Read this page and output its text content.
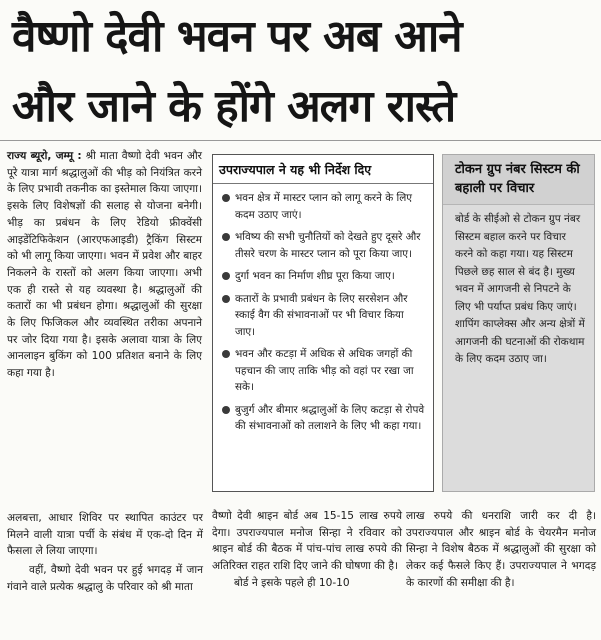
वैष्णो देवी भवन पर अब आने
और जाने के होंगे अलग रास्ते

राज्य ब्यूरो, जम्मू : श्री माता वैष्णो देवी भवन और पूरे यात्रा मार्ग श्रद्धालुओं की भीड़ को नियंत्रित करने के लिए प्रभावी तकनीक का इस्तेमाल किया जाएगा। इसके लिए विशेषज्ञों की सलाह से योजना बनेगी। भीड़ का प्रबंधन के लिए रेडियो फ्रीक्वेंसी आइडेंटिफिकेशन (आरएफआइडी) ट्रैकिंग सिस्टम को भी लागू किया जाएगा। भवन में प्रवेश और बाहर निकलने के रास्तों को अलग किया जाएगा। अभी एक ही रास्ते से यह व्यवस्था है। श्रद्धालुओं की कतारों का भी प्रबंधन होगा। श्रद्धालुओं की सुरक्षा के लिए फिजिकल और व्यवस्थित तरीका अपनाने पर जोर दिया गया है। इसके अलावा यात्रा के लिए आनलाइन बुकिंग को 100 प्रतिशत बनाने के लिए कहा गया है।

अलबत्ता, आधार शिविर पर स्थापित काउंटर पर मिलने वाली यात्रा पर्ची के संबंध में एक-दो दिन में फैसला ले लिया जाएगा।

वहीं, वैष्णो देवी भवन पर हुई भगदड़ में जान गंवाने वाले प्रत्येक श्रद्धालु के परिवार को श्री माता

उपराज्यपाल ने यह भी निर्देश दिए
भवन क्षेत्र में मास्टर प्लान को लागू करने के लिए कदम उठाए जाएं।
भविष्य की सभी चुनौतियों को देखते हुए दूसरे और तीसरे चरण के मास्टर प्लान को पूरा किया जाए।
दुर्गा भवन का निर्माण शीघ्र पूरा किया जाए।
कतारों के प्रभावी प्रबंधन के लिए सरसेशन और स्काई वैग की संभावनाओं पर भी विचार किया जाए।
भवन और कटड़ा में अधिक से अधिक जगहों की पहचान की जाए ताकि भीड़ को वहां पर रखा जा सके।
बुजुर्ग और बीमार श्रद्धालुओं के लिए कटड़ा से रोपवे की संभावनाओं को तलाशने के लिए भी कहा गया।
टोकन ग्रुप नंबर सिस्टम की बहाली पर विचार
बोर्ड के सीईओ से टोकन ग्रुप नंबर सिस्टम बहाल करने पर विचार करने को कहा गया। यह सिस्टम पिछले छह साल से बंद है। मुख्य भवन में आगजनी से निपटने के लिए भी पर्याप्त प्रबंध किए जाएं। शापिंग काप्लेक्स और अन्य क्षेत्रों में आगजनी की घटनाओं की रोकथाम के लिए कदम उठाए जा।

वैष्णो देवी श्राइन बोर्ड अब 15-15 लाख रुपये देगा। उपराज्यपाल मनोज सिन्हा ने रविवार को श्राइन बोर्ड की बैठक में पांच-पांच लाख रुपये की अतिरिक्त राहत राशि दिए जाने की घोषणा की है।

बोर्ड ने इसके पहले ही 10-10

लाख रुपये की धनराशि जारी कर दी है। उपराज्यपाल और श्राइन बोर्ड के चेयरमैन मनोज सिन्हा ने विशेष बैठक में श्रद्धालुओं की सुरक्षा को लेकर कई फैसले किए हैं। उपराज्यपाल ने भगदड़ के कारणों की समीक्षा की है।
